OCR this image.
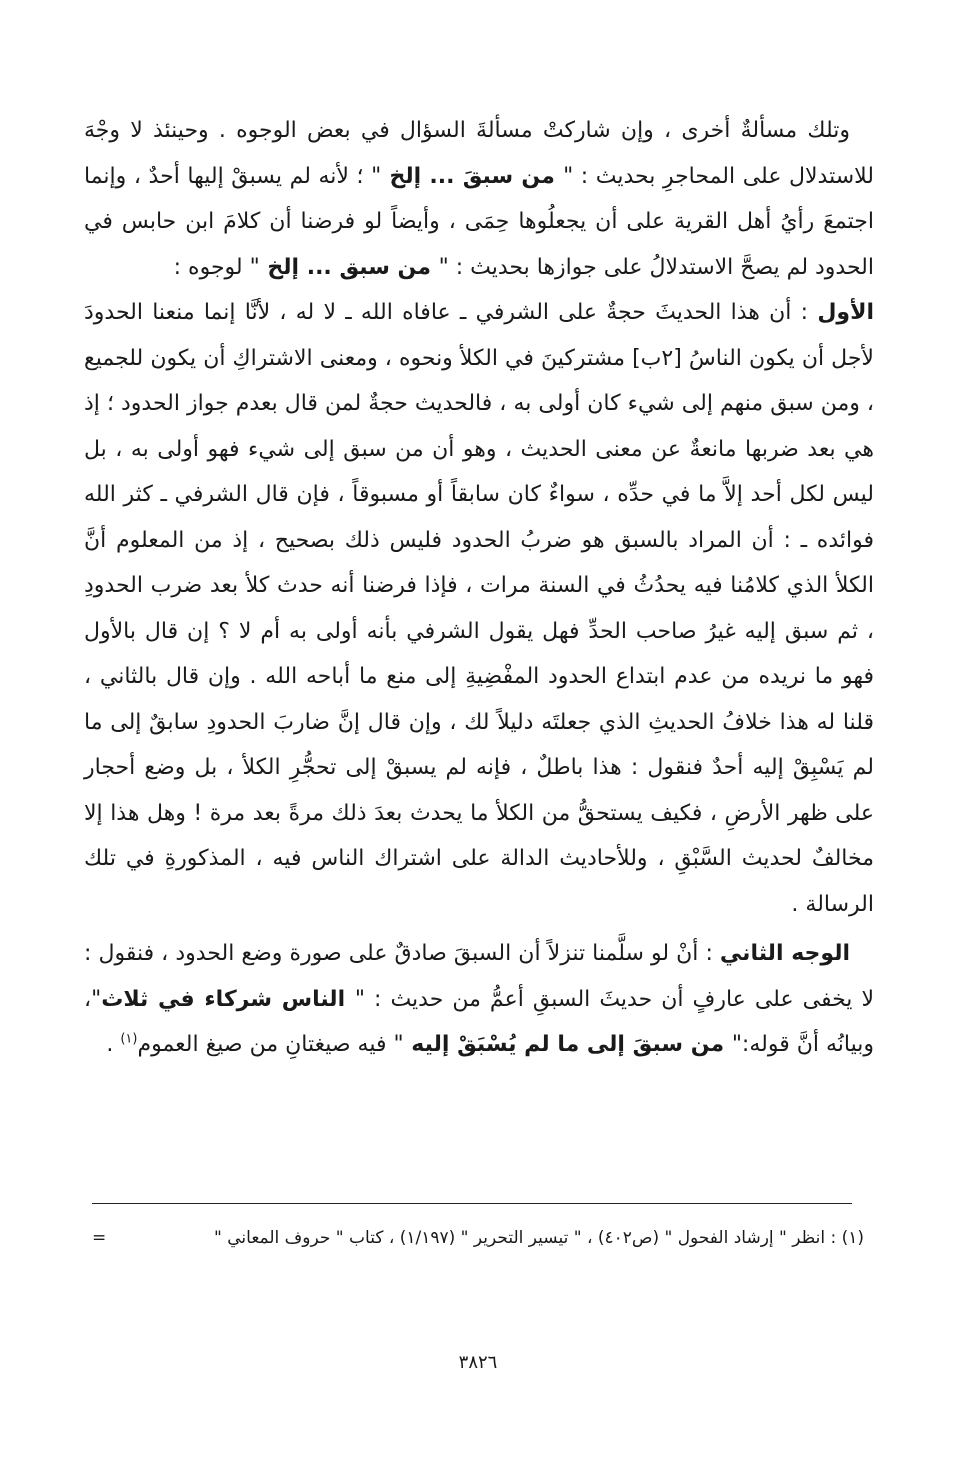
وتلك مسألةٌ أخرى ، وإن شاركتْ مسألةَ السؤال في بعض الوجوه . وحينئذ لا وجْهَ للاستدلال على المحاجرِ بحديث : " من سبقَ ... إلخ " ؛ لأنه لم يسبقْ إليها أحدٌ ، وإنما اجتمعَ رأيُ أهل القرية على أن يجعلُوها حِمَى ، وأيضاً لو فرضنا أن كلامَ ابن حابس في الحدود لم يصحَّ الاستدلالُ على جوازها بحديث : " من سبق ... إلخ " لوجوه :

الأول : أن هذا الحديثَ حجةٌ على الشرفي ـ عافاه الله ـ لا له ، لأنَّا إنما منعنا الحدودَ لأجل أن يكون الناسُ [٢ب] مشتركينَ في الكلأ ونحوه ، ومعنى الاشتراكِ أن يكون للجميع ، ومن سبق منهم إلى شيء كان أولى به ، فالحديث حجةٌ لمن قال بعدم جواز الحدود ؛ إذ هي بعد ضربها مانعةٌ عن معنى الحديث ، وهو أن من سبق إلى شيء فهو أولى به ، بل ليس لكل أحد إلاَّ ما في حدِّه ، سواءٌ كان سابقاً أو مسبوقاً ، فإن قال الشرفي ـ كثر الله فوائده ـ : أن المراد بالسبق هو ضربُ الحدود فليس ذلك بصحيح ، إذ من المعلوم أنَّ الكلأ الذي كلامُنا فيه يحدُثُ في السنة مرات ، فإذا فرضنا أنه حدث كلأ بعد ضرب الحدودِ ، ثم سبق إليه غيرُ صاحب الحدِّ فهل يقول الشرفي بأنه أولى به أم لا ؟ إن قال بالأول فهو ما نريده من عدم ابتداع الحدود المفْضِيةِ إلى منع ما أباحه الله . وإن قال بالثاني ، قلنا له هذا خلافُ الحديثِ الذي جعلتَه دليلاً لك ، وإن قال إنَّ ضاربَ الحدودِ سابقٌ إلى ما لم يَسْبِقْ إليه أحدٌ فنقول : هذا باطلٌ ، فإنه لم يسبقْ إلى تحجُّرِ الكلأ ، بل وضع أحجار على ظهر الأرضِ ، فكيف يستحقُّ من الكلأ ما يحدث بعدَ ذلك مرةً بعد مرة ! وهل هذا إلا مخالفٌ لحديث السَّبْقِ ، وللأحاديث الدالة على اشتراك الناس فيه ، المذكورةِ في تلك الرسالة .

الوجه الثاني : أنْ لو سلَّمنا تنزلاً أن السبقَ صادقٌ على صورة وضع الحدود ، فنقول : لا يخفى على عارفٍ أن حديثَ السبقِ أعمُّ من حديث : " الناس شركاء في ثلاث"، وبيانُه أنَّ قوله:" من سبقَ إلى ما لم يُسْبَقْ إليه " فيه صيغتانِ من صيغ العموم$^{(١)}$ .

(١) : انظر " إرشاد الفحول " (ص٤٠٢) ، " تيسير التحرير " (١/١٩٧) ، كتاب " حروف المعاني "
=
٣٨٢٦
